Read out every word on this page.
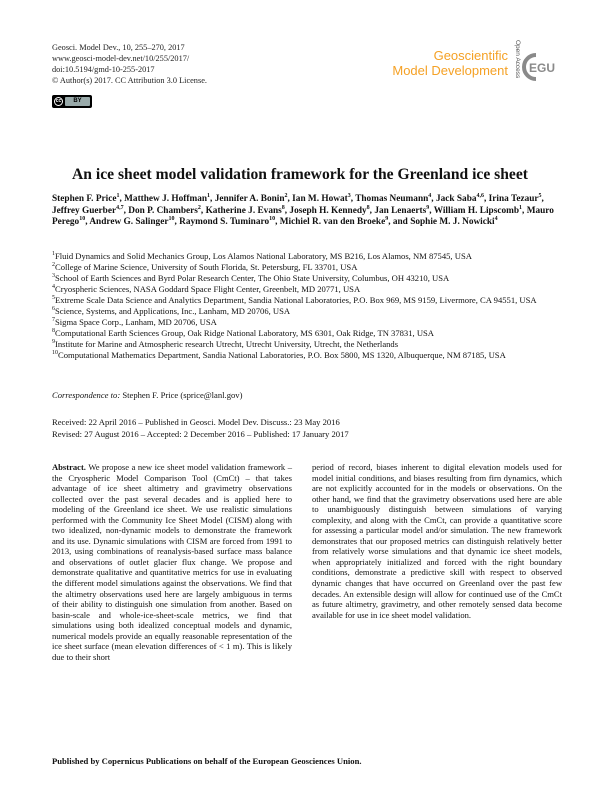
Geosci. Model Dev., 10, 255–270, 2017
www.geosci-model-dev.net/10/255/2017/
doi:10.5194/gmd-10-255-2017
© Author(s) 2017. CC Attribution 3.0 License.
cc	BY
Geoscientific
Model Development Open Access EGU
An ice sheet model validation framework for the Greenland ice sheet
Stephen F. Price$^1$, Matthew J. Hoffman$^1$, Jennifer A. Bonin$^2$, Ian M. Howat$^3$, Thomas Neumann$^4$, Jack Saba$^{4,6}$, Irina Tezaur$^5$, Jeffrey Guerber$^{4,7}$, Don P. Chambers$^2$, Katherine J. Evans$^8$, Joseph H. Kennedy$^8$, Jan Lenaerts$^9$, William H. Lipscomb$^1$, Mauro Perego$^{10}$, Andrew G. Salinger$^{10}$, Raymond S. Tuminaro$^{10}$, Michiel R. van den Broeke$^9$, and Sophie M. J. Nowicki$^4$
$^1$Fluid Dynamics and Solid Mechanics Group, Los Alamos National Laboratory, MS B216, Los Alamos, NM 87545, USA
$^2$College of Marine Science, University of South Florida, St. Petersburg, FL 33701, USA
$^3$School of Earth Sciences and Byrd Polar Research Center, The Ohio State University, Columbus, OH 43210, USA
$^4$Cryospheric Sciences, NASA Goddard Space Flight Center, Greenbelt, MD 20771, USA
$^5$Extreme Scale Data Science and Analytics Department, Sandia National Laboratories, P.O. Box 969, MS 9159, Livermore, CA 94551, USA
$^6$Science, Systems, and Applications, Inc., Lanham, MD 20706, USA
$^7$Sigma Space Corp., Lanham, MD 20706, USA
$^8$Computational Earth Sciences Group, Oak Ridge National Laboratory, MS 6301, Oak Ridge, TN 37831, USA
$^9$Institute for Marine and Atmospheric research Utrecht, Utrecht University, Utrecht, the Netherlands
$^{10}$Computational Mathematics Department, Sandia National Laboratories, P.O. Box 5800, MS 1320, Albuquerque, NM 87185, USA
Correspondence to: Stephen F. Price (sprice@lanl.gov)
Received: 22 April 2016 – Published in Geosci. Model Dev. Discuss.: 23 May 2016
Revised: 27 August 2016 – Accepted: 2 December 2016 – Published: 17 January 2017
Abstract. We propose a new ice sheet model validation framework – the Cryospheric Model Comparison Tool (CmCt) – that takes advantage of ice sheet altimetry and gravimetry observations collected over the past several decades and is applied here to modeling of the Greenland ice sheet. We use realistic simulations performed with the Community Ice Sheet Model (CISM) along with two idealized, non-dynamic models to demonstrate the framework and its use. Dynamic simulations with CISM are forced from 1991 to 2013, using combinations of reanalysis-based surface mass balance and observations of outlet glacier flux change. We propose and demonstrate qualitative and quantitative metrics for use in evaluating the different model simulations against the observations. We find that the altimetry observations used here are largely ambiguous in terms of their ability to distinguish one simulation from another. Based on basin-scale and whole-ice-sheet-scale metrics, we find that simulations using both idealized conceptual models and dynamic, numerical models provide an equally reasonable representation of the ice sheet surface (mean elevation differences of < 1 m). This is likely due to their short
period of record, biases inherent to digital elevation models used for model initial conditions, and biases resulting from firn dynamics, which are not explicitly accounted for in the models or observations. On the other hand, we find that the gravimetry observations used here are able to unambiguously distinguish between simulations of varying complexity, and along with the CmCt, can provide a quantitative score for assessing a particular model and/or simulation. The new framework demonstrates that our proposed metrics can distinguish relatively better from relatively worse simulations and that dynamic ice sheet models, when appropriately initialized and forced with the right boundary conditions, demonstrate a predictive skill with respect to observed dynamic changes that have occurred on Greenland over the past few decades. An extensible design will allow for continued use of the CmCt as future altimetry, gravimetry, and other remotely sensed data become available for use in ice sheet model validation.
Published by Copernicus Publications on behalf of the European Geosciences Union.
